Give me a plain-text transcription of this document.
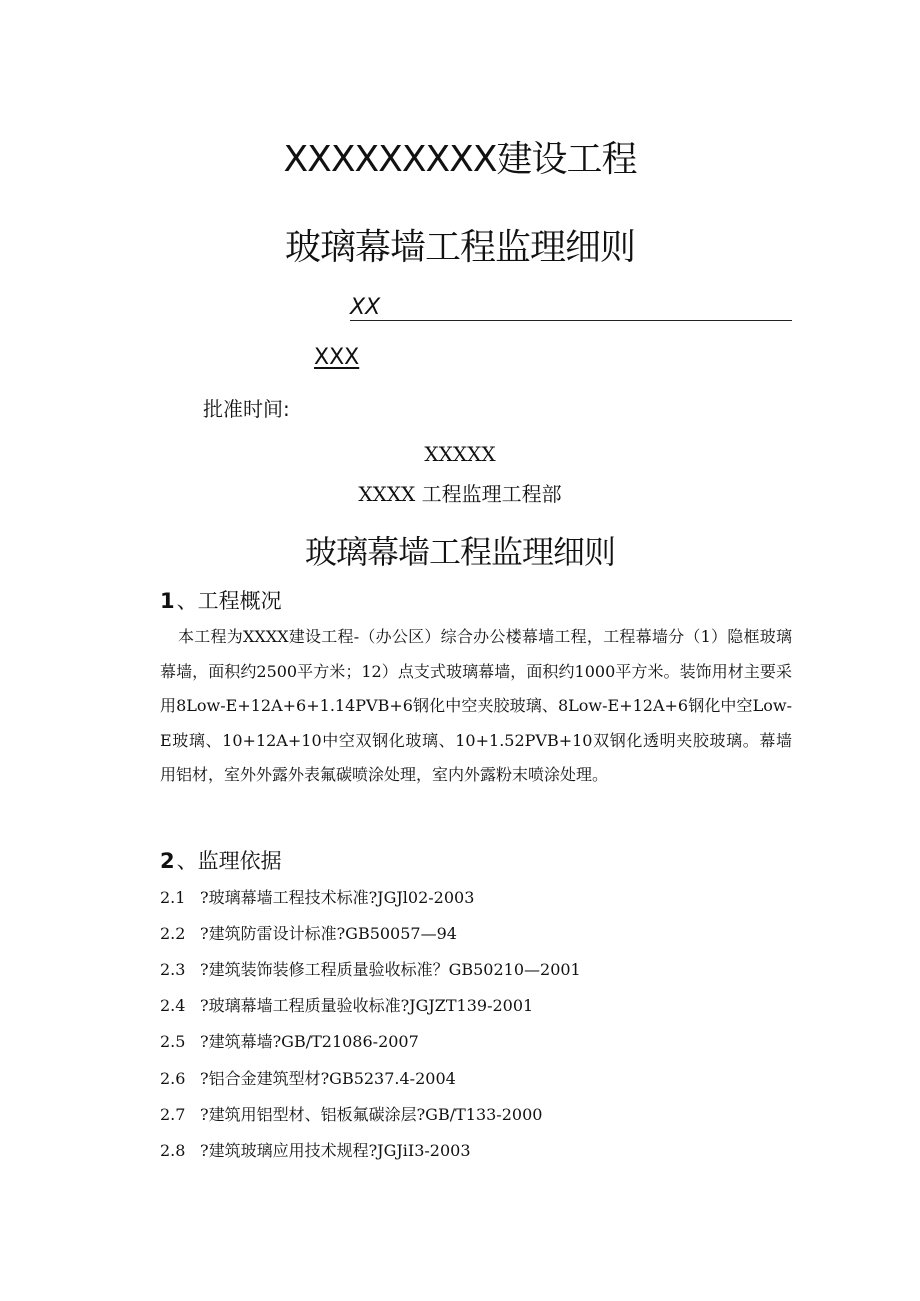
XXXXXXXXX建设工程
玻璃幕墙工程监理细则
XX
XXX
批准时间:
XXXXX
XXXX 工程监理工程部
玻璃幕墙工程监理细则
1、工程概况
本工程为XXXX建设工程-（办公区）综合办公楼幕墙工程，工程幕墙分（1）隐框玻璃幕墙，面积约2500平方米；12）点支式玻璃幕墙，面积约1000平方米。装饰用材主要采用8Low-E+12A+6+1.14PVB+6钢化中空夹胶玻璃、8Low-E+12A+6钢化中空Low-E玻璃、10+12A+10中空双钢化玻璃、10+1.52PVB+10双钢化透明夹胶玻璃。幕墙用铝材，室外外露外表氟碳喷涂处理，室内外露粉末喷涂处理。
2、监理依据
2.1 ?玻璃幕墙工程技术标准?JGJl02-2003
2.2 ?建筑防雷设计标准?GB50057—94
2.3 ?建筑装饰装修工程质量验收标准？GB50210—2001
2.4 ?玻璃幕墙工程质量验收标准?JGJZT139-2001
2.5 ?建筑幕墙?GB/T21086-2007
2.6 ?铝合金建筑型材?GB5237.4-2004
2.7 ?建筑用铝型材、铝板氟碳涂层?GB/T133-2000
2.8 ?建筑玻璃应用技术规程?JGJiI3-2003
